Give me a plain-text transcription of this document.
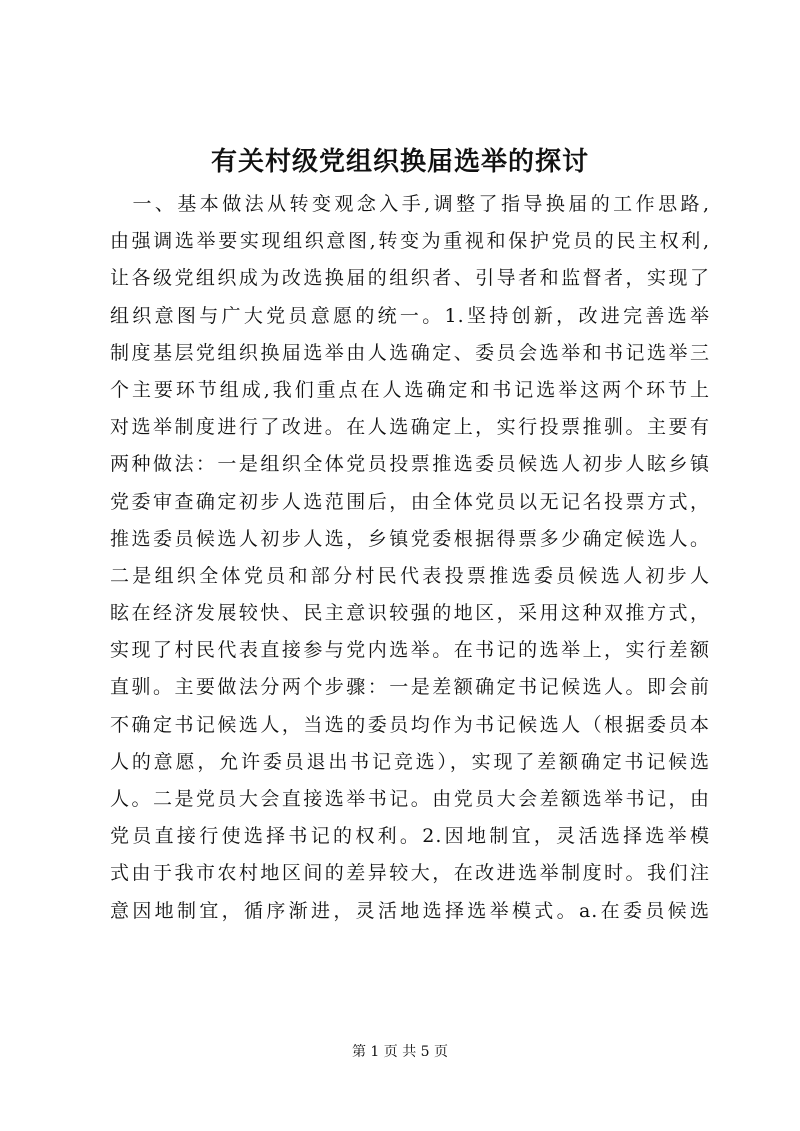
有关村级党组织换届选举的探讨
　一、基本做法从转变观念入手,调整了指导换届的工作思路,
由强调选举要实现组织意图,转变为重视和保护党员的民主权利,
让各级党组织成为改选换届的组织者、引导者和监督者，实现了
组织意图与广大党员意愿的统一。1.坚持创新，改进完善选举
制度基层党组织换届选举由人选确定、委员会选举和书记选举三
个主要环节组成,我们重点在人选确定和书记选举这两个环节上
对选举制度进行了改进。在人选确定上，实行投票推驯。主要有
两种做法：一是组织全体党员投票推选委员候选人初步人眩乡镇
党委审查确定初步人选范围后，由全体党员以无记名投票方式，
推选委员候选人初步人选，乡镇党委根据得票多少确定候选人。
二是组织全体党员和部分村民代表投票推选委员候选人初步人
眩在经济发展较快、民主意识较强的地区，采用这种双推方式，
实现了村民代表直接参与党内选举。在书记的选举上，实行差额
直驯。主要做法分两个步骤：一是差额确定书记候选人。即会前
不确定书记候选人，当选的委员均作为书记候选人（根据委员本
人的意愿，允许委员退出书记竞选），实现了差额确定书记候选
人。二是党员大会直接选举书记。由党员大会差额选举书记，由
党员直接行使选择书记的权利。2.因地制宜，灵活选择选举模
式由于我市农村地区间的差异较大，在改进选举制度时。我们注
意因地制宜，循序渐进，灵活地选择选举模式。a.在委员候选
第 1 页 共 5 页
